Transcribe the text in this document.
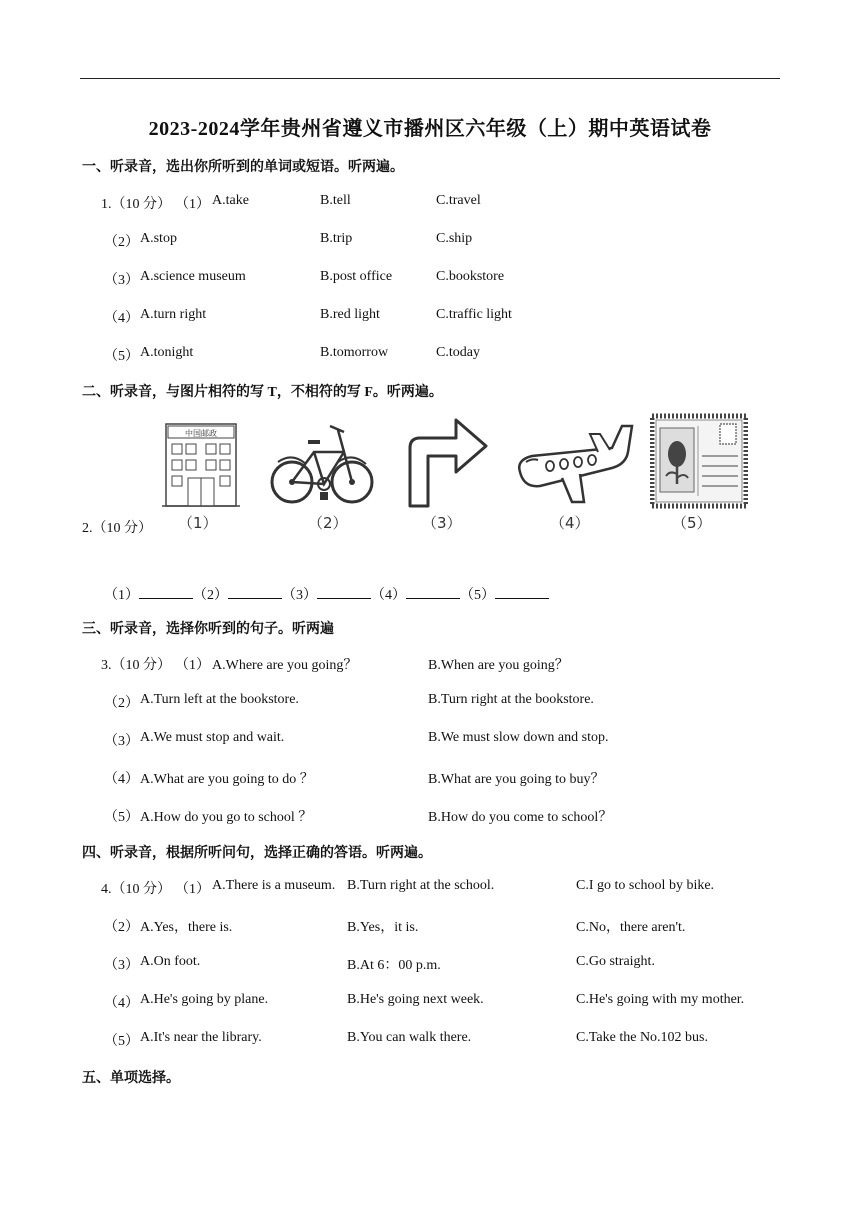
2023-2024学年贵州省遵义市播州区六年级（上）期中英语试卷
一、听录音，选出你所听到的单词或短语。听两遍。
1.（10 分） （1） A.take	B.tell	C.travel
（2） A.stop	B.trip	C.ship
（3） A.science museum	B.post office	C.bookstore
（4） A.turn right	B.red light	C.traffic light
（5） A.tonight	B.tomorrow	C.today
二、听录音，与图片相符的写 T，不相符的写 F。听两遍。
中国邮政
（1）	（2）	（3）	（4）	（5）
2.（10 分）
（1）	（2）	（3）	（4）	（5）
三、听录音，选择你听到的句子。听两遍
3.（10 分） （1） A.Where are you going？	B.When are you going？
（2） A.Turn left at the bookstore.	B.Turn right at the bookstore.
（3） A.We must stop and wait.	B.We must slow down and stop.
（4） A.What are you going to do ？	B.What are you going to buy？
（5） A.How do you go to school ？	B.How do you come to school？
四、听录音，根据所听问句，选择正确的答语。听两遍。
4.（10 分） （1） A.There is a museum. B.Turn right at the school.	C.I go to school by bike.
（2） A.Yes，there is.	B.Yes，it is.	C.No，there aren't.
（3） A.On foot.	B.At 6：00 p.m.	C.Go straight.
（4） A.He's going by plane.	B.He's going next week.	C.He's going with my mother.
（5） A.It's near the library.	B.You can walk there.	C.Take the No.102 bus.
五、单项选择。
